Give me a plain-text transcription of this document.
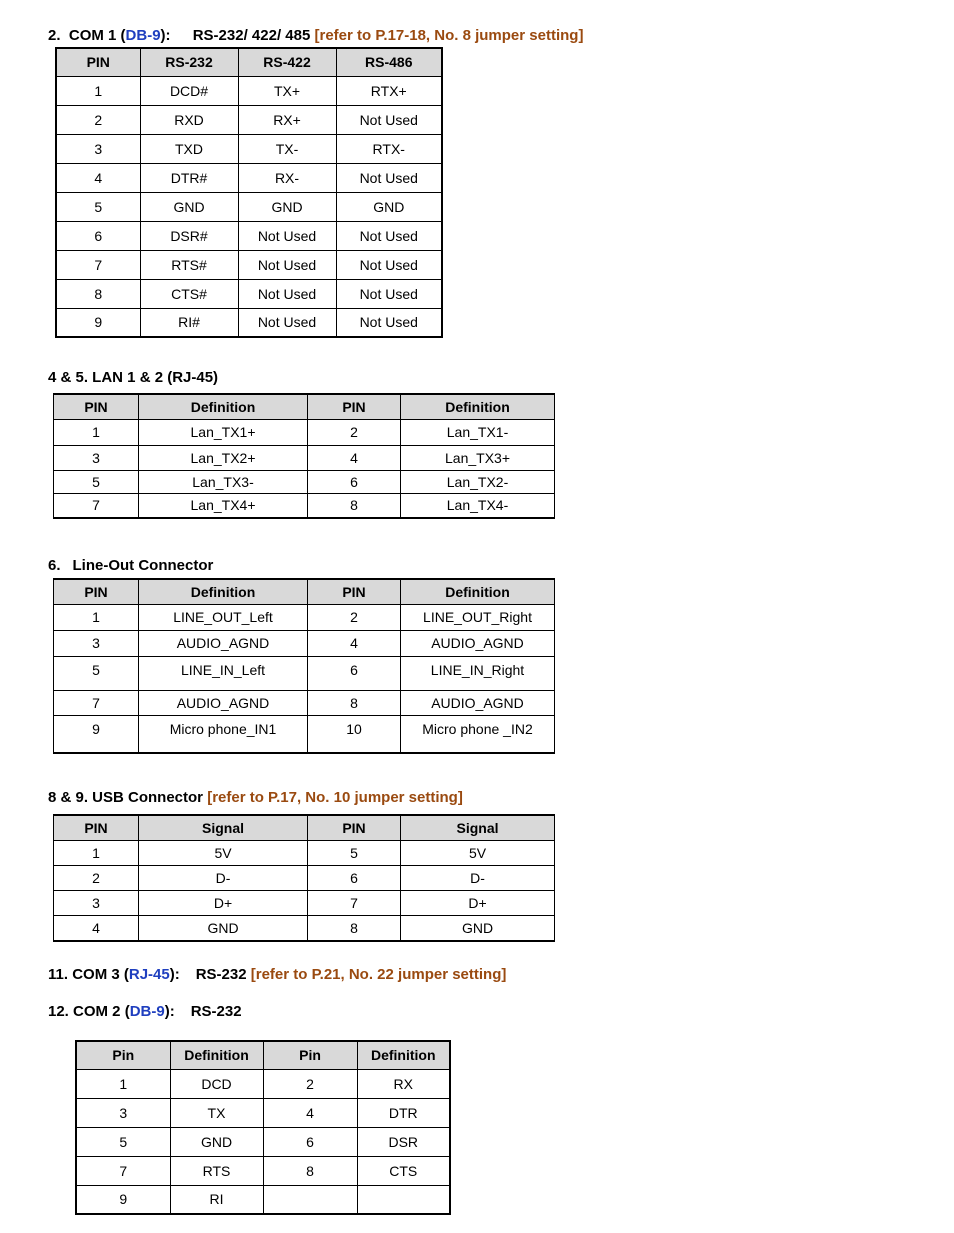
2. COM 1 (DB-9): RS-232/ 422/ 485 [refer to P.17-18, No. 8 jumper setting]
PIN	RS-232	RS-422	RS-486
1	DCD#	TX+	RTX+
2	RXD	RX+	Not Used
3	TXD	TX-	RTX-
4	DTR#	RX-	Not Used
5	GND	GND	GND
6	DSR#	Not Used	Not Used
7	RTS#	Not Used	Not Used
8	CTS#	Not Used	Not Used
9	RI#	Not Used	Not Used
4 & 5. LAN 1 & 2 (RJ-45)
PIN	Definition	PIN	Definition
1	Lan_TX1+	2	Lan_TX1-
3	Lan_TX2+	4	Lan_TX3+
5	Lan_TX3-	6	Lan_TX2-
7	Lan_TX4+	8	Lan_TX4-
6. Line-Out Connector
PIN	Definition	PIN	Definition
1	LINE_OUT_Left	2	LINE_OUT_Right
3	AUDIO_AGND	4	AUDIO_AGND
5	LINE_IN_Left	6	LINE_IN_Right
7	AUDIO_AGND	8	AUDIO_AGND
9	Micro phone_IN1	10	Micro phone _IN2
8 & 9. USB Connector [refer to P.17, No. 10 jumper setting]
PIN	Signal	PIN	Signal
1	5V	5	5V
2	D-	6	D-
3	D+	7	D+
4	GND	8	GND
11. COM 3 (RJ-45): RS-232 [refer to P.21, No. 22 jumper setting]
12. COM 2 (DB-9): RS-232
Pin	Definition	Pin	Definition
1	DCD	2	RX
3	TX	4	DTR
5	GND	6	DSR
7	RTS	8	CTS
9	RI		
